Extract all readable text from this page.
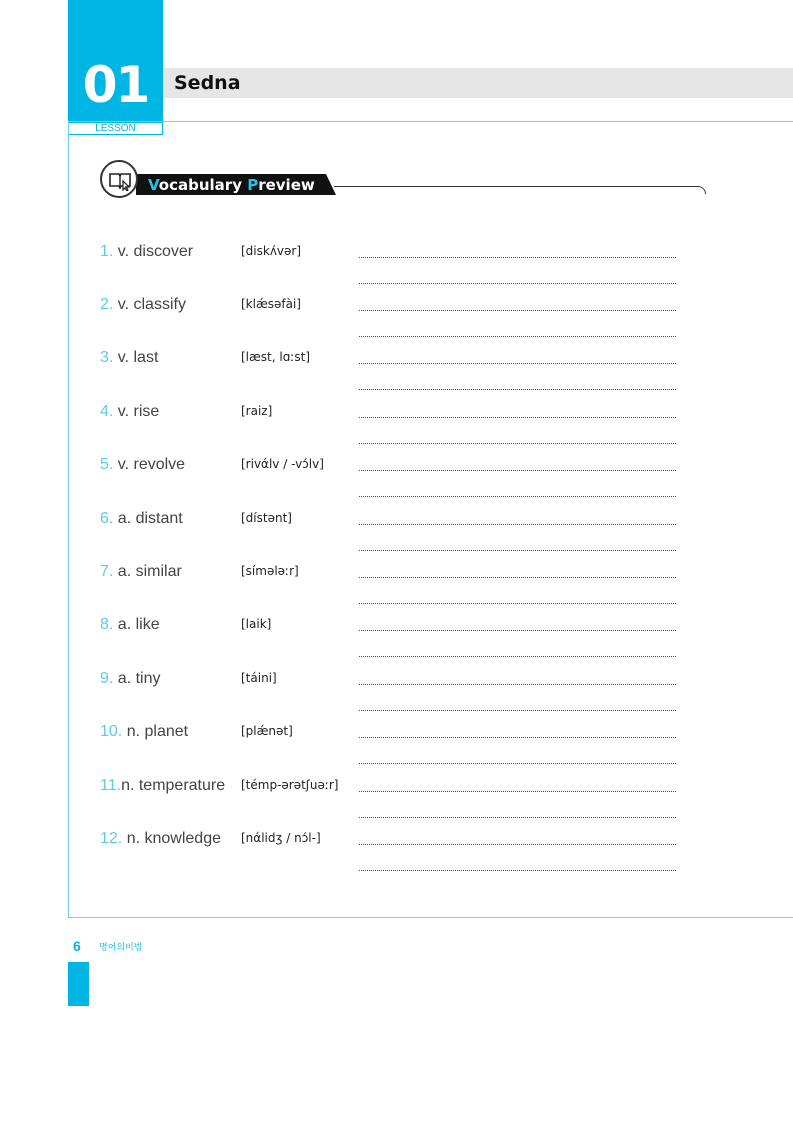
01
LESSON
Sedna
Vocabulary Preview
1. v. discover	[diskʌ́vər]
2. v. classify	[klǽsəfài]
3. v. last	[læst, lɑːst]
4. v. rise	[raiz]
5. v. revolve	[rivάlv / -vɔ́lv]
6. a. distant	[dístənt]
7. a. similar	[símələːr]
8. a. like	[laik]
9. a. tiny	[táini]
10. n. planet	[plǽnət]
11.n. temperature [témp-ərətʃuəːr]
12. n. knowledge [nάlidʒ / nɔ́l-]
6 명어의비법
